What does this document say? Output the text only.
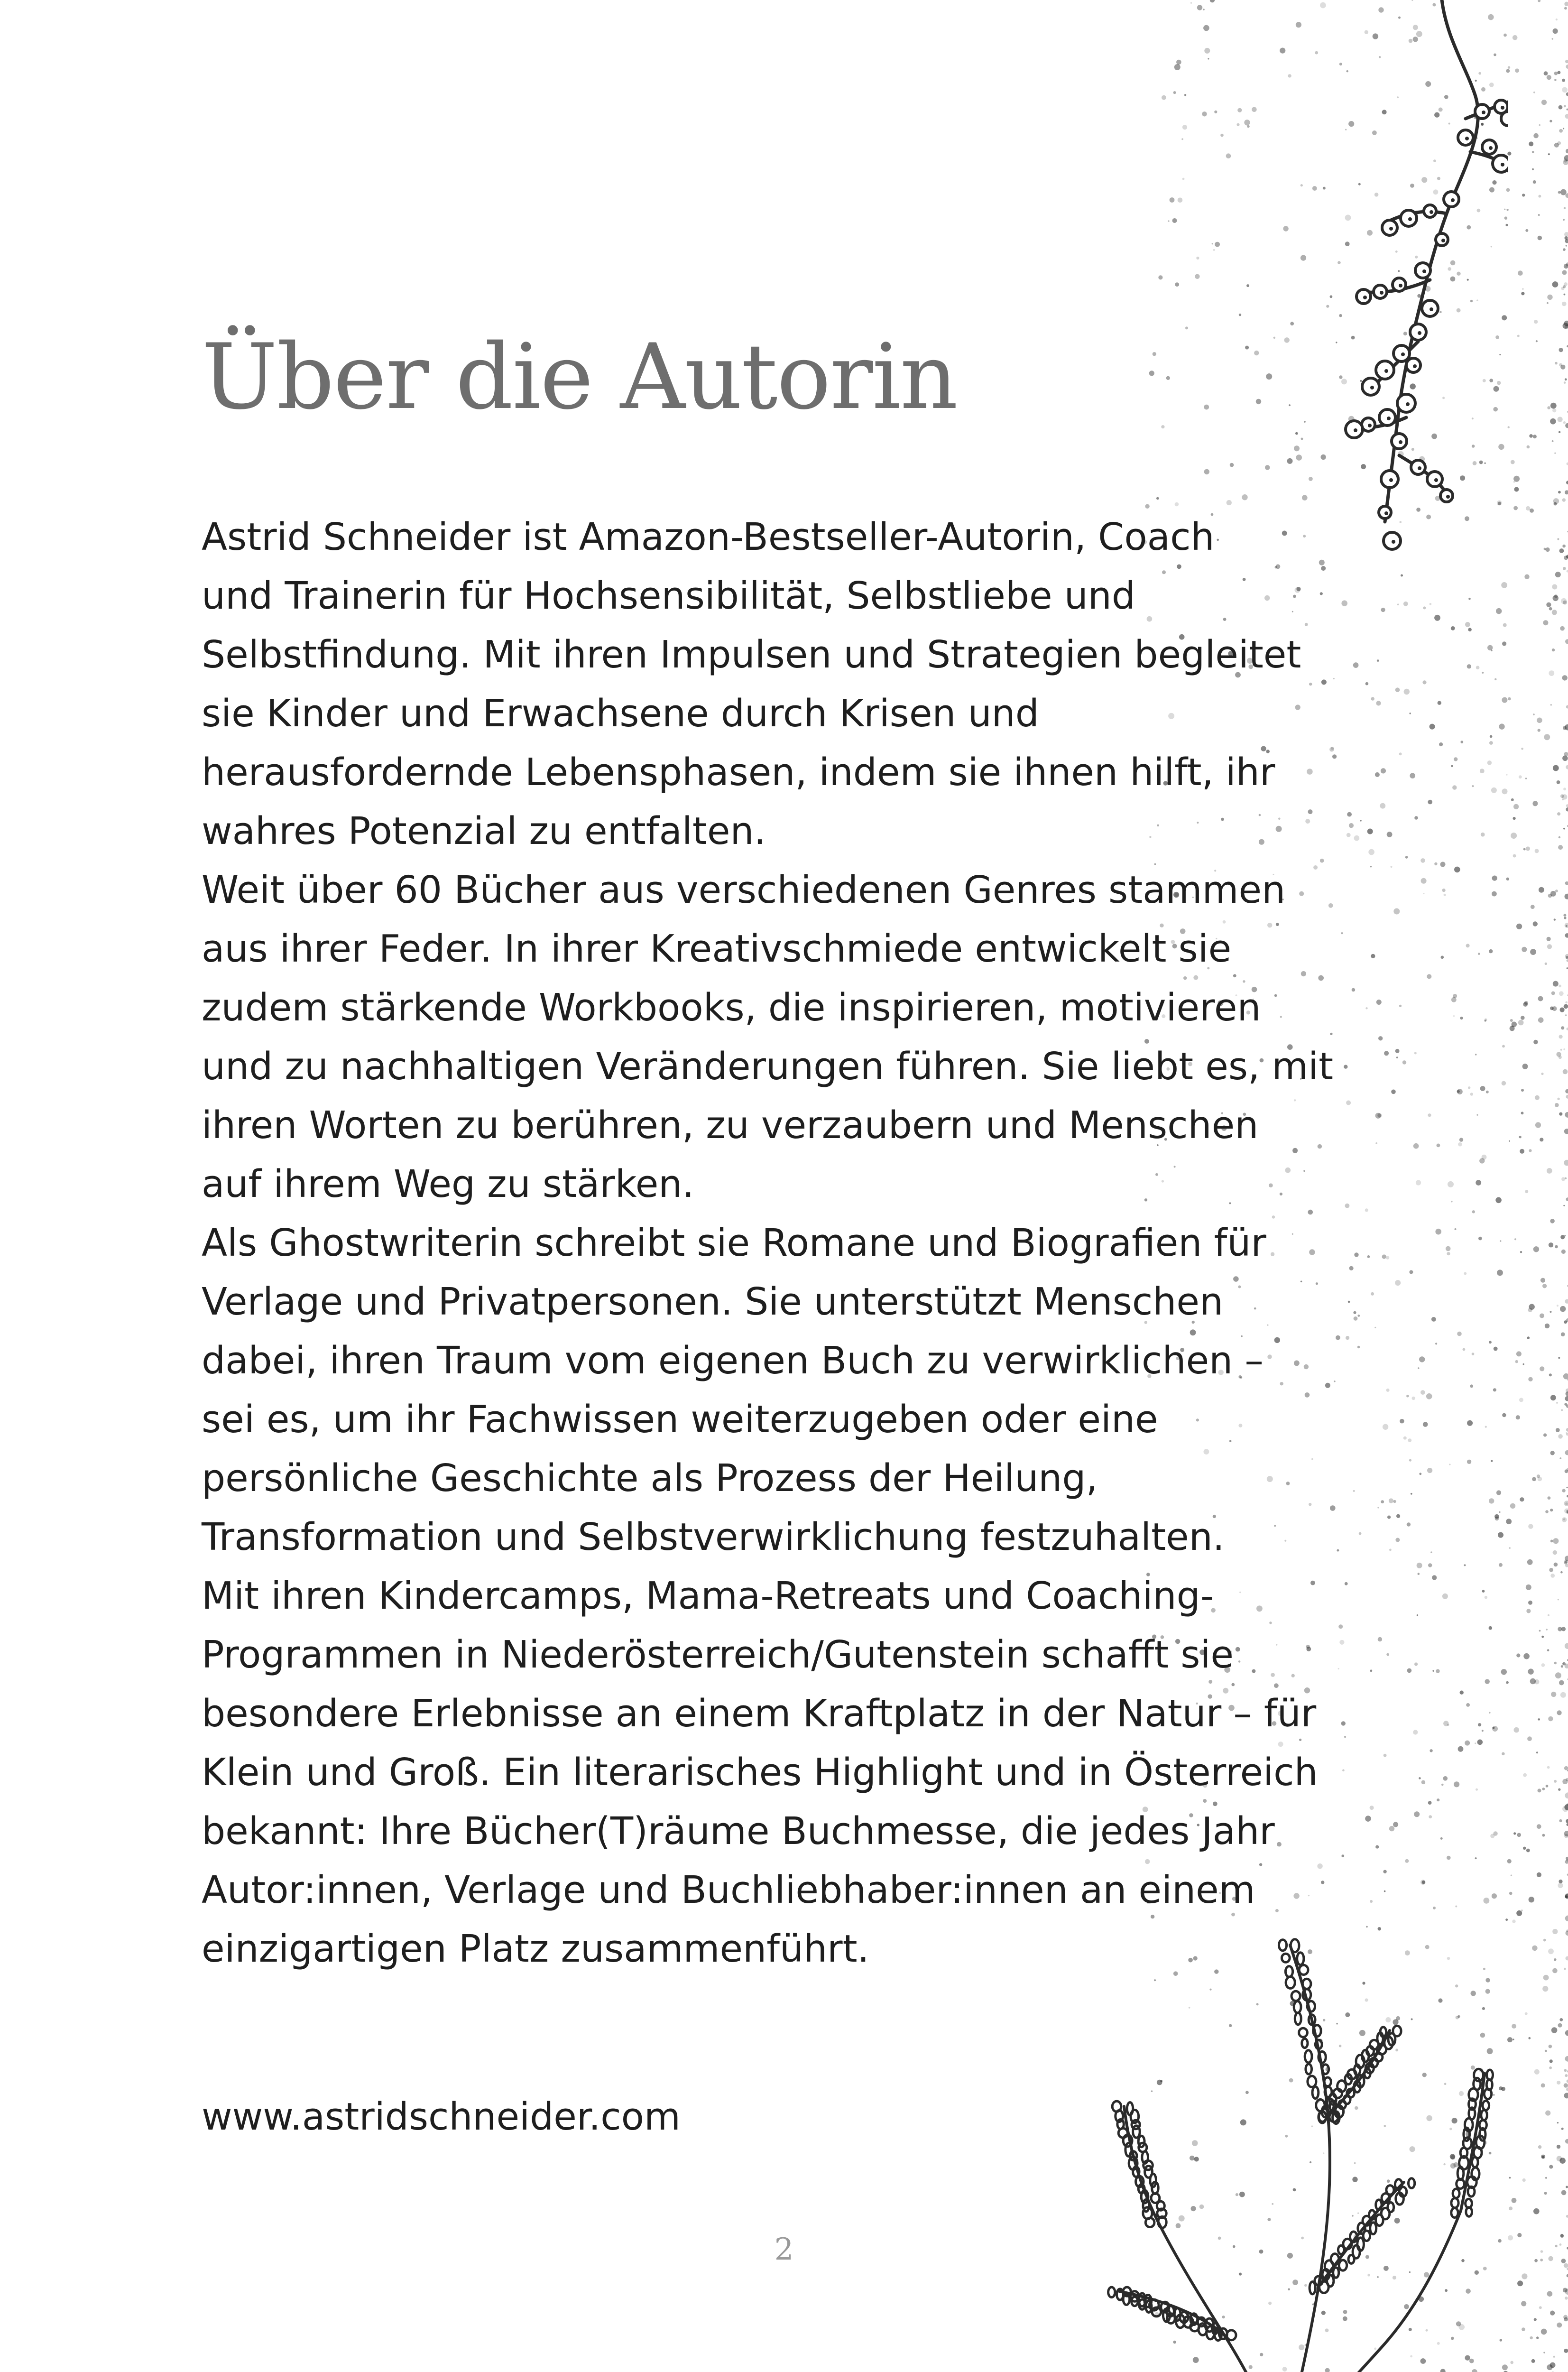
Über die Autorin
Astrid Schneider ist Amazon-Bestseller-Autorin, Coach
und Trainerin für Hochsensibilität, Selbstliebe und
Selbstfindung. Mit ihren Impulsen und Strategien begleitet
sie Kinder und Erwachsene durch Krisen und
herausfordernde Lebensphasen, indem sie ihnen hilft, ihr
wahres Potenzial zu entfalten.
Weit über 60 Bücher aus verschiedenen Genres stammen
aus ihrer Feder. In ihrer Kreativschmiede entwickelt sie
zudem stärkende Workbooks, die inspirieren, motivieren
und zu nachhaltigen Veränderungen führen. Sie liebt es, mit
ihren Worten zu berühren, zu verzaubern und Menschen
auf ihrem Weg zu stärken.
Als Ghostwriterin schreibt sie Romane und Biografien für
Verlage und Privatpersonen. Sie unterstützt Menschen
dabei, ihren Traum vom eigenen Buch zu verwirklichen –
sei es, um ihr Fachwissen weiterzugeben oder eine
persönliche Geschichte als Prozess der Heilung,
Transformation und Selbstverwirklichung festzuhalten.
Mit ihren Kindercamps, Mama-Retreats und Coaching-
Programmen in Niederösterreich/Gutenstein schafft sie
besondere Erlebnisse an einem Kraftplatz in der Natur – für
Klein und Groß. Ein literarisches Highlight und in Österreich
bekannt: Ihre Bücher(T)räume Buchmesse, die jedes Jahr
Autor:innen, Verlage und Buchliebhaber:innen an einem
einzigartigen Platz zusammenführt.
www.astridschneider.com
2
